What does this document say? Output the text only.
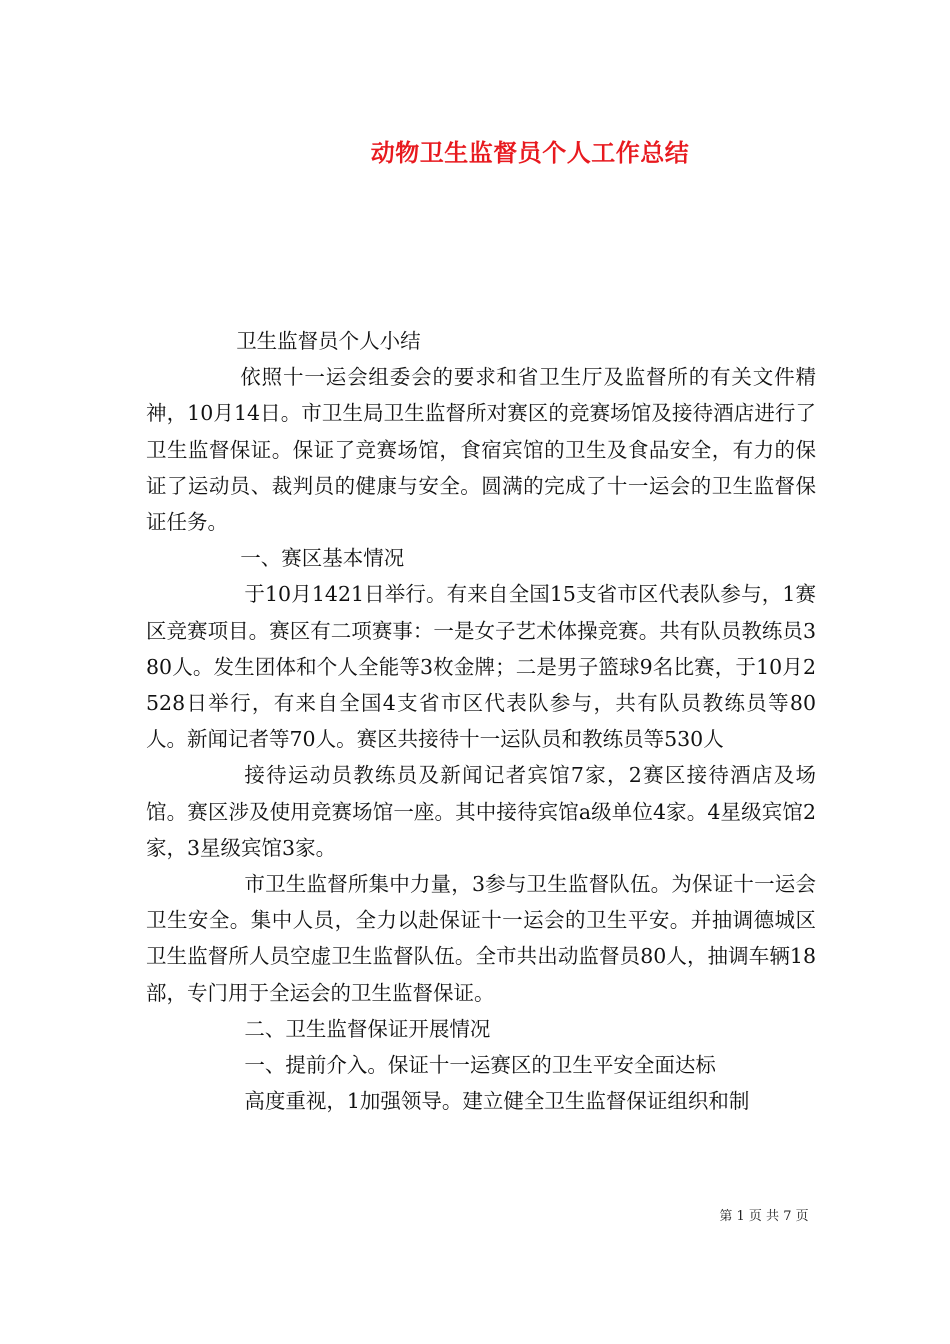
动物卫生监督员个人工作总结

卫生监督员个人小结

依照十一运会组委会的要求和省卫生厅及监督所的有关文件精神，10月14日。市卫生局卫生监督所对赛区的竞赛场馆及接待酒店进行了卫生监督保证。保证了竞赛场馆，食宿宾馆的卫生及食品安全，有力的保证了运动员、裁判员的健康与安全。圆满的完成了十一运会的卫生监督保证任务。

一、赛区基本情况

于10月1421日举行。有来自全国15支省市区代表队参与，1赛区竞赛项目。赛区有二项赛事：一是女子艺术体操竞赛。共有队员教练员380人。发生团体和个人全能等3枚金牌；二是男子篮球9名比赛，于10月2528日举行，有来自全国4支省市区代表队参与，共有队员教练员等80人。新闻记者等70人。赛区共接待十一运队员和教练员等530人

接待运动员教练员及新闻记者宾馆7家，2赛区接待酒店及场馆。赛区涉及使用竞赛场馆一座。其中接待宾馆a级单位4家。4星级宾馆2家，3星级宾馆3家。

市卫生监督所集中力量，3参与卫生监督队伍。为保证十一运会卫生安全。集中人员，全力以赴保证十一运会的卫生平安。并抽调德城区卫生监督所人员空虚卫生监督队伍。全市共出动监督员80人，抽调车辆18部，专门用于全运会的卫生监督保证。

二、卫生监督保证开展情况

一、提前介入。保证十一运赛区的卫生平安全面达标

高度重视，1加强领导。建立健全卫生监督保证组织和制

第 1 页 共 7 页
